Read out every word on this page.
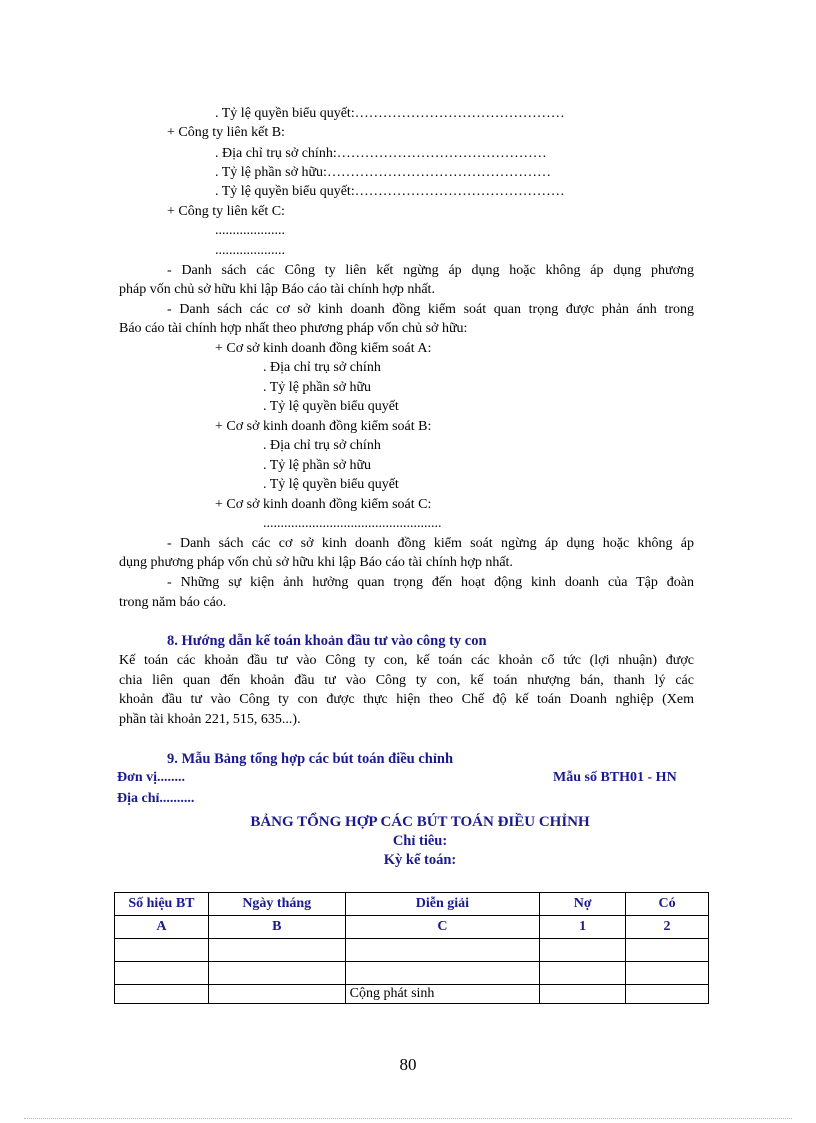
. Tỷ lệ quyền biểu quyết:………………………………………
+ Công ty liên kết B:
. Địa chỉ trụ sở chính:………………………………………
. Tỷ lệ phần sở hữu:…………………………………………
. Tỷ lệ quyền biểu quyết:………………………………………
+ Công ty liên kết C:
....................
....................
- Danh sách các Công ty liên kết ngừng áp dụng hoặc không áp dụng phương
pháp vốn chủ sở hữu khi lập Báo cáo tài chính hợp nhất.
- Danh sách các cơ sở kinh doanh đồng kiểm soát quan trọng được phản ánh trong
Báo cáo tài chính hợp nhất theo phương pháp vốn chủ sở hữu:
+ Cơ sở kinh doanh đồng kiểm soát A:
. Địa chỉ trụ sở chính
. Tỷ lệ phần sở hữu
. Tỷ lệ quyền biểu quyết
+ Cơ sở kinh doanh đồng kiểm soát B:
. Địa chỉ trụ sở chính
. Tỷ lệ phần sở hữu
. Tỷ lệ quyền biểu quyết
+ Cơ sở kinh doanh đồng kiểm soát C:
...................................................
- Danh sách các cơ sở kinh doanh đồng kiểm soát ngừng áp dụng hoặc không áp
dụng phương pháp vốn chủ sở hữu khi lập Báo cáo tài chính hợp nhất.
- Những sự kiện ảnh hưởng quan trọng đến hoạt động kinh doanh của Tập đoàn
trong năm báo cáo.
8. Hướng dẫn kế toán khoản đầu tư vào công ty con
Kế toán các khoản đầu tư vào Công ty con, kế toán các khoản cổ tức (lợi nhuận) được
chia liên quan đến khoản đầu tư vào Công ty con, kế toán nhượng bán, thanh lý các
khoản đầu tư vào Công ty con được thực hiện theo Chế độ kế toán Doanh nghiệp (Xem
phần tài khoản 221, 515, 635...).
9. Mẫu Bảng tổng hợp các bút toán điều chỉnh
Đơn vị........	Mẫu số BTH01 - HN
Địa chỉ..........
BẢNG TỔNG HỢP CÁC BÚT TOÁN ĐIỀU CHỈNH
Chỉ tiêu:
Kỳ kế toán:
Số hiệu BT	Ngày tháng	Diễn giải	Nợ	Có
A	B	C	1	2

		Cộng phát sinh		
80
